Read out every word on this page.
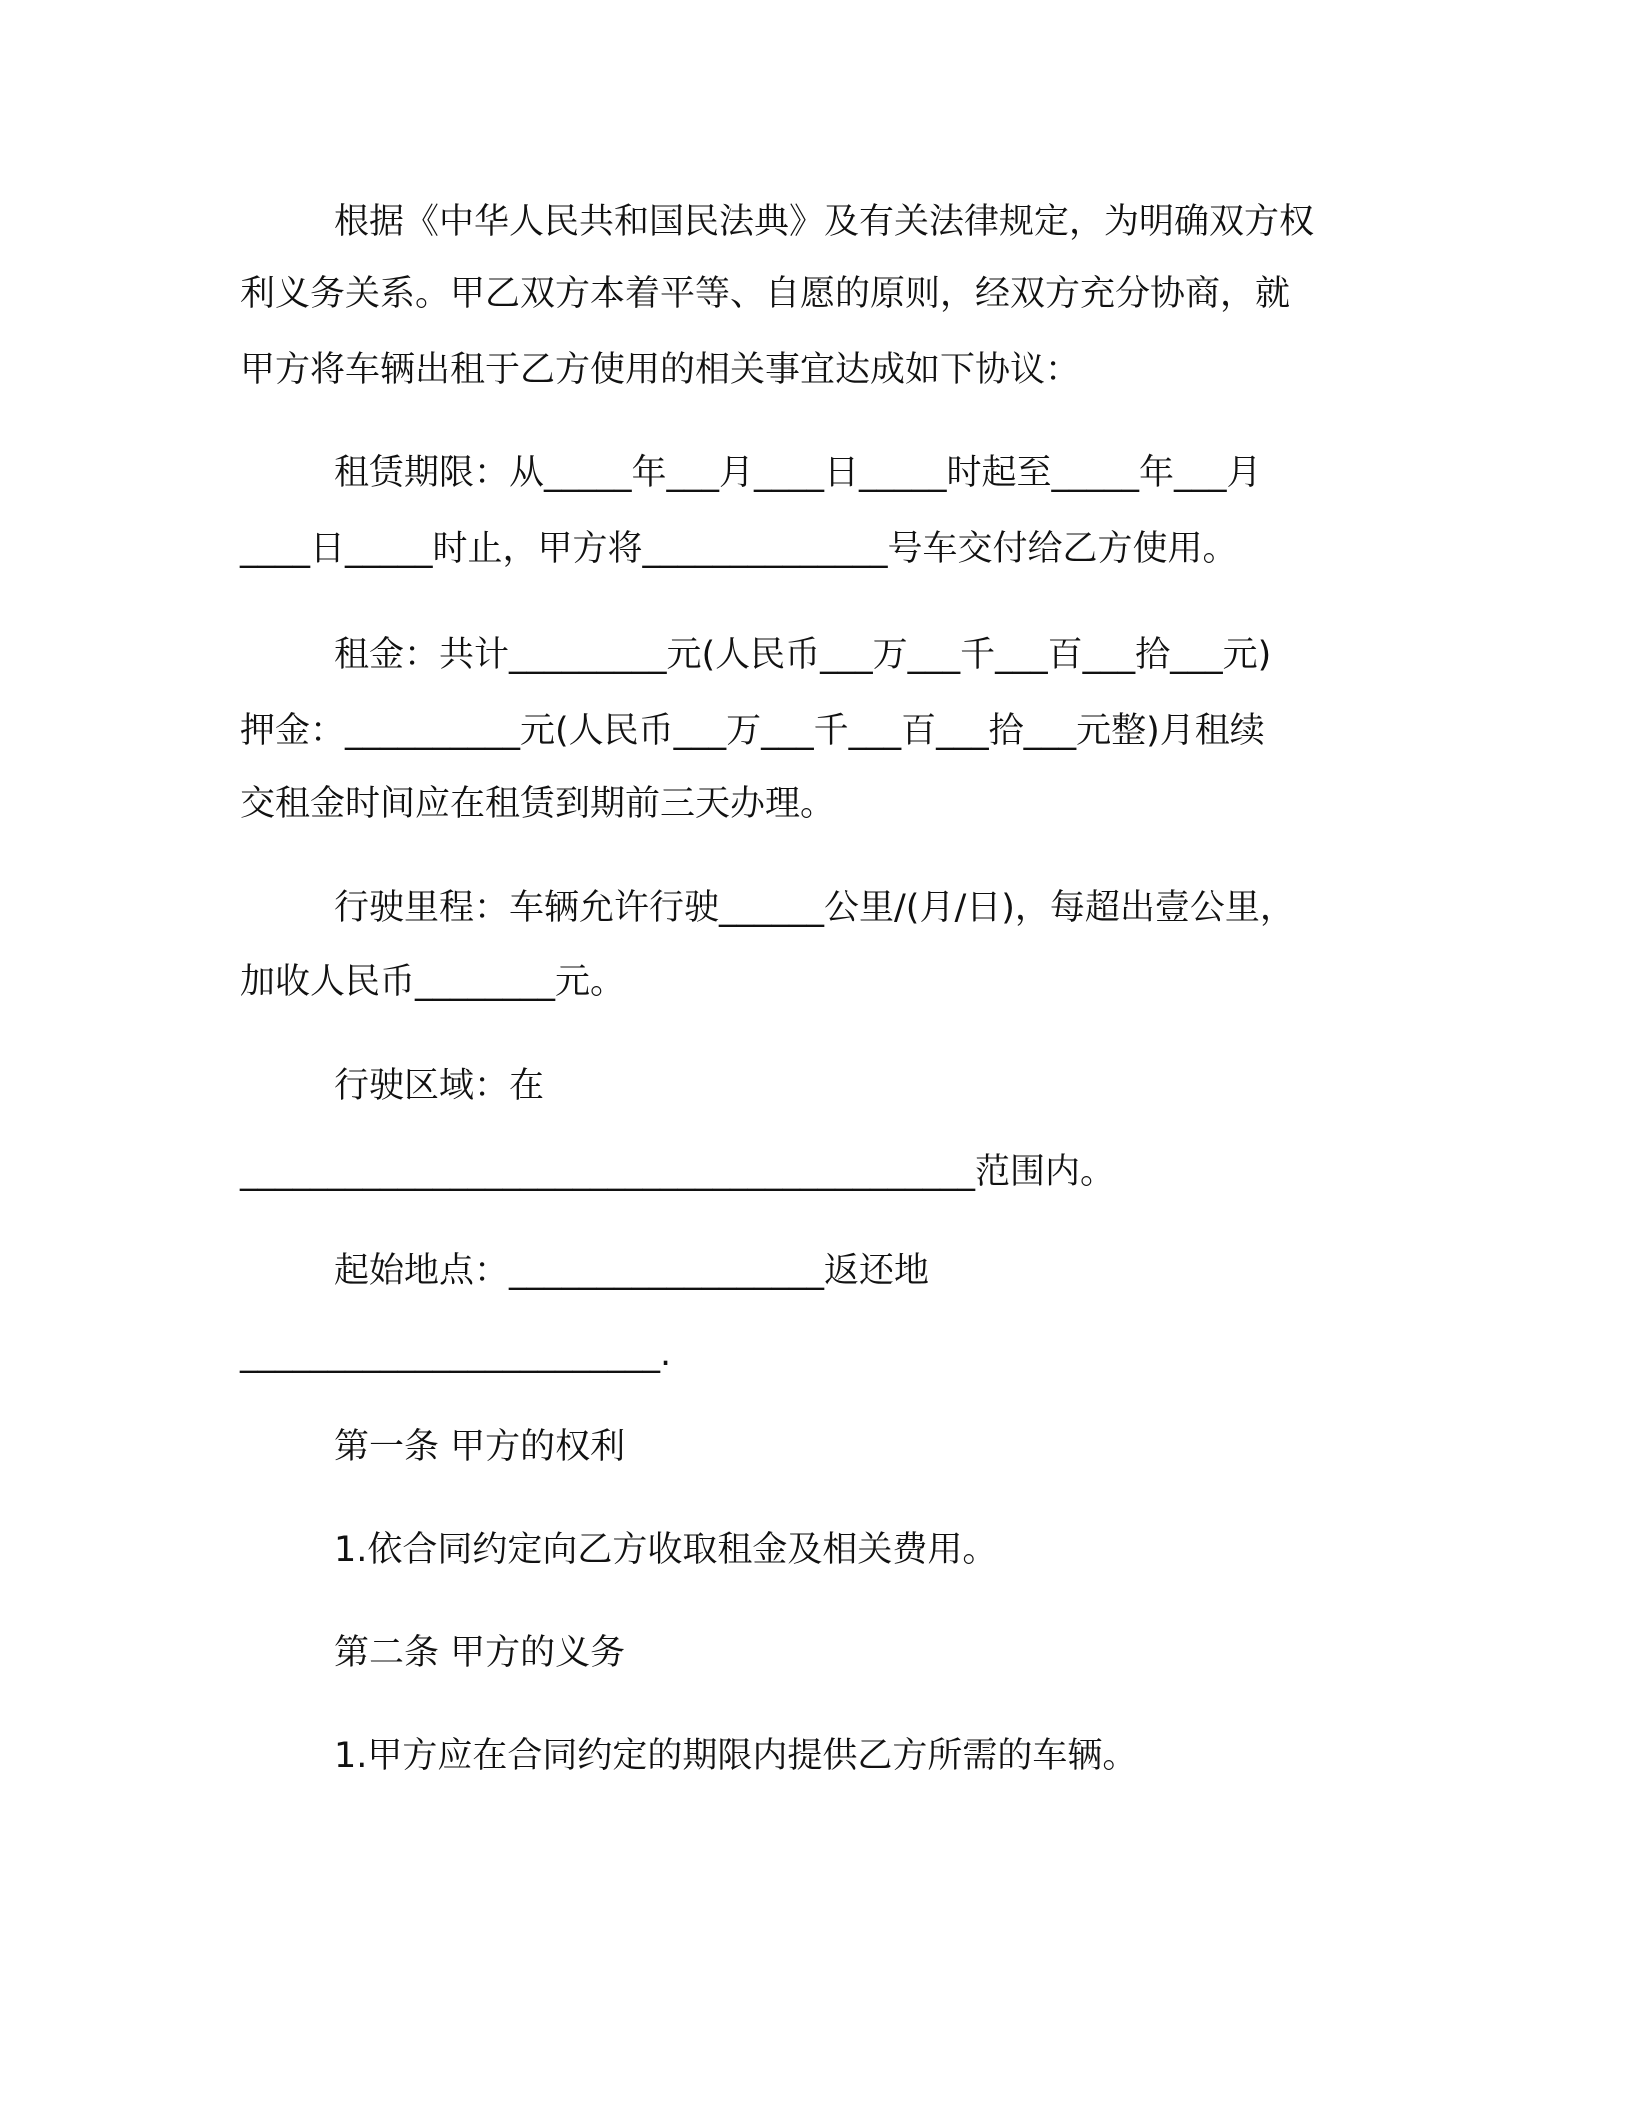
根据《中华人民共和国民法典》及有关法律规定，为明确双方权
利义务关系。甲乙双方本着平等、自愿的原则，经双方充分协商，就
甲方将车辆出租于乙方使用的相关事宜达成如下协议：
租赁期限：从_____年___月____日_____时起至_____年___月
____日_____时止，甲方将______________号车交付给乙方使用。
租金：共计_________元(人民币___万___千___百___拾___元)
押金：__________元(人民币___万___千___百___拾___元整)月租续
交租金时间应在租赁到期前三天办理。
行驶里程：车辆允许行驶______公里/(月/日)，每超出壹公里，
加收人民币________元。
行驶区域：在
__________________________________________范围内。
起始地点：__________________返还地
________________________.
第一条 甲方的权利
1.依合同约定向乙方收取租金及相关费用。
第二条 甲方的义务
1.甲方应在合同约定的期限内提供乙方所需的车辆。
